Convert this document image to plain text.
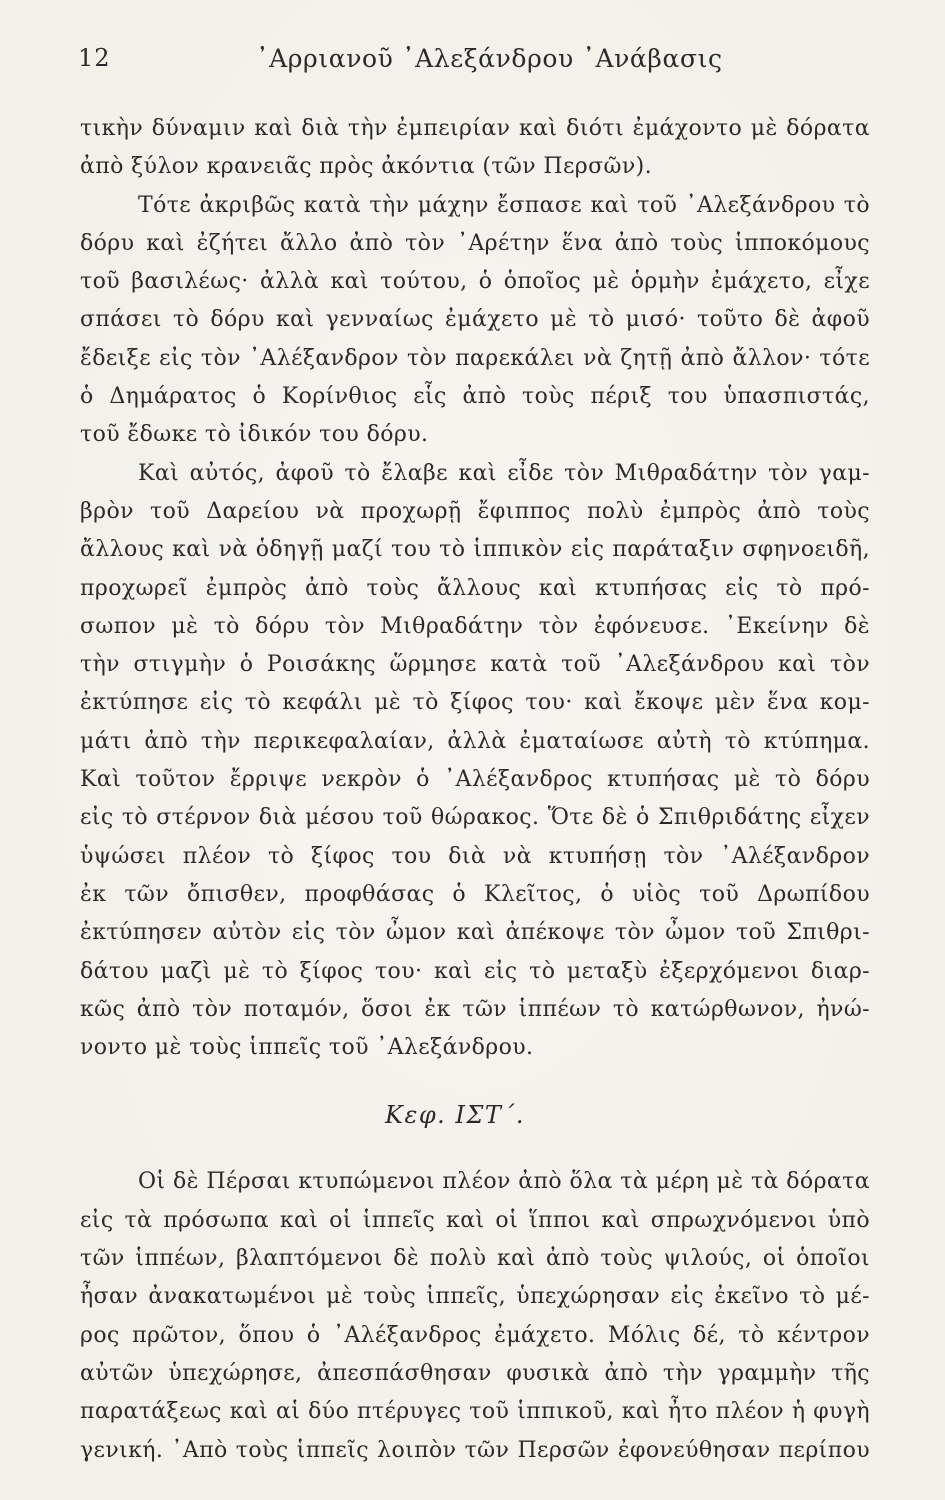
12	᾿Αρριανοῦ ᾿Αλεξάνδρου ᾿Ανάβασις
τικὴν δύναμιν καὶ διὰ τὴν ἐμπειρίαν καὶ διότι ἐμάχοντο μὲ δόρατα
ἀπὸ ξύλον κρανειᾶς πρὸς ἀκόντια (τῶν Περσῶν).
Τότε ἀκριβῶς κατὰ τὴν μάχην ἔσπασε καὶ τοῦ ᾿Αλεξάνδρου τὸ
δόρυ καὶ ἐζήτει ἄλλο ἀπὸ τὸν ᾿Αρέτην ἕνα ἀπὸ τοὺς ἱπποκόμους
τοῦ βασιλέως· ἀλλὰ καὶ τούτου, ὁ ὁποῖος μὲ ὁρμὴν ἐμάχετο, εἶχε
σπάσει τὸ δόρυ καὶ γενναίως ἐμάχετο μὲ τὸ μισό· τοῦτο δὲ ἀφοῦ
ἔδειξε εἰς τὸν ᾿Αλέξανδρον τὸν παρεκάλει νὰ ζητῇ ἀπὸ ἄλλον· τότε
ὁ Δημάρατος ὁ Κορίνθιος εἷς ἀπὸ τοὺς πέριξ του ὑπασπιστάς,
τοῦ ἔδωκε τὸ ἰδικόν του δόρυ.
Καὶ αὐτός, ἀφοῦ τὸ ἔλαβε καὶ εἶδε τὸν Μιθραδάτην τὸν γαμ-
βρὸν τοῦ Δαρείου νὰ προχωρῇ ἔφιππος πολὺ ἐμπρὸς ἀπὸ τοὺς
ἄλλους καὶ νὰ ὁδηγῇ μαζί του τὸ ἱππικὸν εἰς παράταξιν σφηνοειδῆ,
προχωρεῖ ἐμπρὸς ἀπὸ τοὺς ἄλλους καὶ κτυπήσας εἰς τὸ πρό-
σωπον μὲ τὸ δόρυ τὸν Μιθραδάτην τὸν ἐφόνευσε. ᾿Εκείνην δὲ
τὴν στιγμὴν ὁ Ροισάκης ὥρμησε κατὰ τοῦ ᾿Αλεξάνδρου καὶ τὸν
ἐκτύπησε εἰς τὸ κεφάλι μὲ τὸ ξίφος του· καὶ ἔκοψε μὲν ἕνα κομ-
μάτι ἀπὸ τὴν περικεφαλαίαν, ἀλλὰ ἐματαίωσε αὐτὴ τὸ κτύπημα.
Καὶ τοῦτον ἔρριψε νεκρὸν ὁ ᾿Αλέξανδρος κτυπήσας μὲ τὸ δόρυ
εἰς τὸ στέρνον διὰ μέσου τοῦ θώρακος. Ὅτε δὲ ὁ Σπιθριδάτης εἶχεν
ὑψώσει πλέον τὸ ξίφος του διὰ νὰ κτυπήσῃ τὸν ᾿Αλέξανδρον
ἐκ τῶν ὄπισθεν, προφθάσας ὁ Κλεῖτος, ὁ υἱὸς τοῦ Δρωπίδου
ἐκτύπησεν αὐτὸν εἰς τὸν ὦμον καὶ ἀπέκοψε τὸν ὦμον τοῦ Σπιθρι-
δάτου μαζὶ μὲ τὸ ξίφος του· καὶ εἰς τὸ μεταξὺ ἐξερχόμενοι διαρ-
κῶς ἀπὸ τὸν ποταμόν, ὅσοι ἐκ τῶν ἱππέων τὸ κατώρθωνον, ἠνώ-
νοντο μὲ τοὺς ἱππεῖς τοῦ ᾿Αλεξάνδρου.
Κεφ. ΙΣΤ΄.
Οἱ δὲ Πέρσαι κτυπώμενοι πλέον ἀπὸ ὅλα τὰ μέρη μὲ τὰ δόρατα
εἰς τὰ πρόσωπα καὶ οἱ ἱππεῖς καὶ οἱ ἵπποι καὶ σπρωχνόμενοι ὑπὸ
τῶν ἱππέων, βλαπτόμενοι δὲ πολὺ καὶ ἀπὸ τοὺς ψιλούς, οἱ ὁποῖοι
ἦσαν ἀνακατωμένοι μὲ τοὺς ἱππεῖς, ὑπεχώρησαν εἰς ἐκεῖνο τὸ μέ-
ρος πρῶτον, ὅπου ὁ ᾿Αλέξανδρος ἐμάχετο. Μόλις δέ, τὸ κέντρον
αὐτῶν ὑπεχώρησε, ἀπεσπάσθησαν φυσικὰ ἀπὸ τὴν γραμμὴν τῆς
παρατάξεως καὶ αἱ δύο πτέρυγες τοῦ ἱππικοῦ, καὶ ἦτο πλέον ἡ φυγὴ
γενική. ᾿Απὸ τοὺς ἱππεῖς λοιπὸν τῶν Περσῶν ἐφονεύθησαν περίπου
